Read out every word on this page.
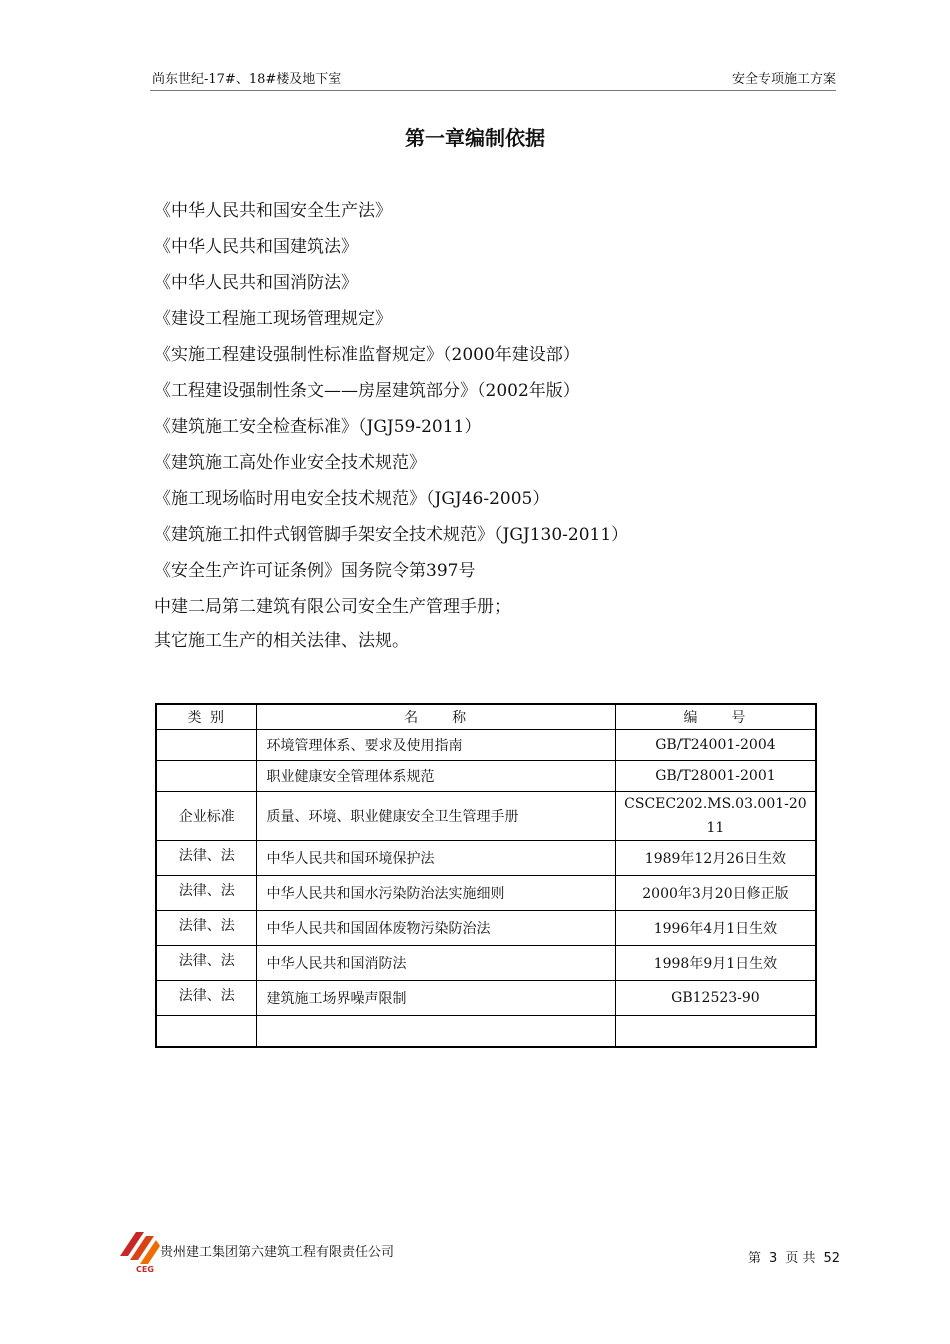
尚东世纪-17#、18#楼及地下室	安全专项施工方案
第一章编制依据
《中华人民共和国安全生产法》
《中华人民共和国建筑法》
《中华人民共和国消防法》
《建设工程施工现场管理规定》
《实施工程建设强制性标准监督规定》（2000年建设部）
《工程建设强制性条文——房屋建筑部分》（2002年版）
《建筑施工安全检查标准》（JGJ59-2011）
《建筑施工高处作业安全技术规范》
《施工现场临时用电安全技术规范》（JGJ46-2005）
《建筑施工扣件式钢管脚手架安全技术规范》（JGJ130-2011）
《安全生产许可证条例》国务院令第397号
中建二局第二建筑有限公司安全生产管理手册；
其它施工生产的相关法律、法规。
类 别	名　　称	编　　号
	环境管理体系、要求及使用指南	GB/T24001-2004
	职业健康安全管理体系规范	GB/T28001-2001
企业标准	质量、环境、职业健康安全卫生管理手册	CSCEC202.MS.03.001-2011
法律、法	中华人民共和国环境保护法	1989年12月26日生效
法律、法	中华人民共和国水污染防治法实施细则	2000年3月20日修正版
法律、法	中华人民共和国固体废物污染防治法	1996年4月1日生效
法律、法	中华人民共和国消防法	1998年9月1日生效
法律、法	建筑施工场界噪声限制	GB12523-90

CEG
贵州建工集团第六建筑工程有限责任公司	第 3 页 共 52
